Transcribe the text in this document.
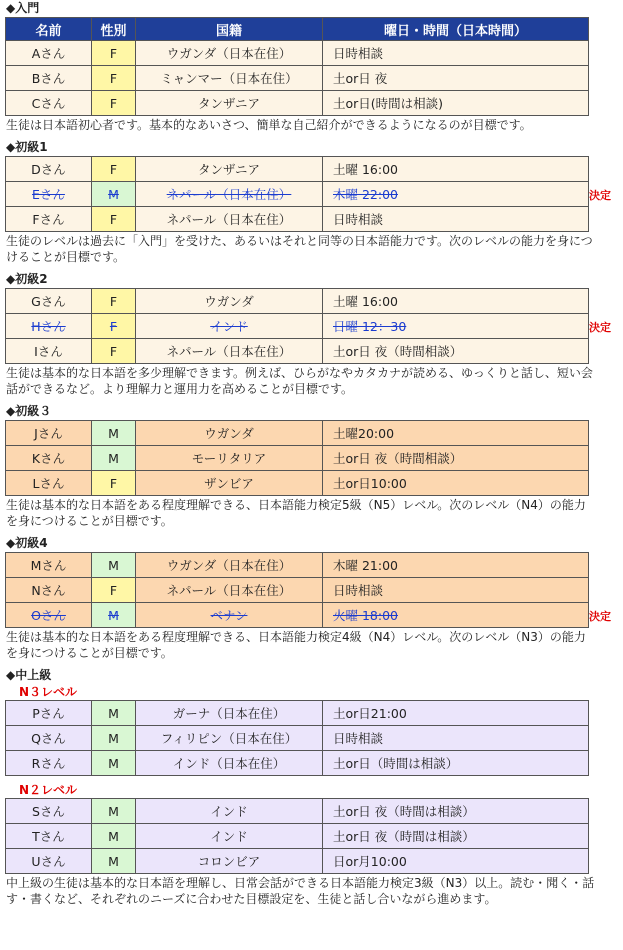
◆入門
名前	性別	国籍	曜日・時間（日本時間）
Aさん	F	ウガンダ（日本在住）	日時相談
Bさん	F	ミャンマー（日本在住）	土or日 夜
Cさん	F	タンザニア	土or日(時間は相談)
生徒は日本語初心者です。基本的なあいさつ、簡単な自己紹介ができるようになるのが目標です。
◆初級1
Dさん	F	タンザニア	土曜 16:00
Eさん	M	ネパール（日本在住）	木曜 22:00
Fさん	F	ネパール（日本在住）	日時相談
生徒のレベルは過去に「入門」を受けた、あるいはそれと同等の日本語能力です。次のレベルの能力を身につけることが目標です。
◆初級2
Gさん	F	ウガンダ	土曜 16:00
Hさん	F	インド	日曜 12：30
Iさん	F	ネパール（日本在住）	土or日 夜（時間相談）
生徒は基本的な日本語を多少理解できます。例えば、ひらがなやカタカナが読める、ゆっくりと話し、短い会話ができるなど。より理解力と運用力を高めることが目標です。
◆初級３
Jさん	M	ウガンダ	土曜20:00
Kさん	M	モーリタリア	土or日 夜（時間相談）
Lさん	F	ザンビア	土or日10:00
生徒は基本的な日本語をある程度理解できる、日本語能力検定5級（N5）レベル。次のレベル（N4）の能力を身につけることが目標です。
◆初級4
Mさん	M	ウガンダ（日本在住）	木曜 21:00
Nさん	F	ネパール（日本在住）	日時相談
Oさん	M	ベナン	火曜 18:00
生徒は基本的な日本語をある程度理解できる、日本語能力検定4級（N4）レベル。次のレベル（N3）の能力を身につけることが目標です。
◆中上級
N３レベル
Pさん	M	ガーナ（日本在住）	土or日21:00
Qさん	M	フィリピン（日本在住）	日時相談
Rさん	M	インド（日本在住）	土or日（時間は相談）
N２レベル
Sさん	M	インド	土or日 夜（時間は相談）
Tさん	M	インド	土or日 夜（時間は相談）
Uさん	M	コロンビア	日or月10:00
中上級の生徒は基本的な日本語を理解し、日常会話ができる日本語能力検定3級（N3）以上。読む・聞く・話す・書くなど、それぞれのニーズに合わせた目標設定を、生徒と話し合いながら進めます。
決定
決定
決定
